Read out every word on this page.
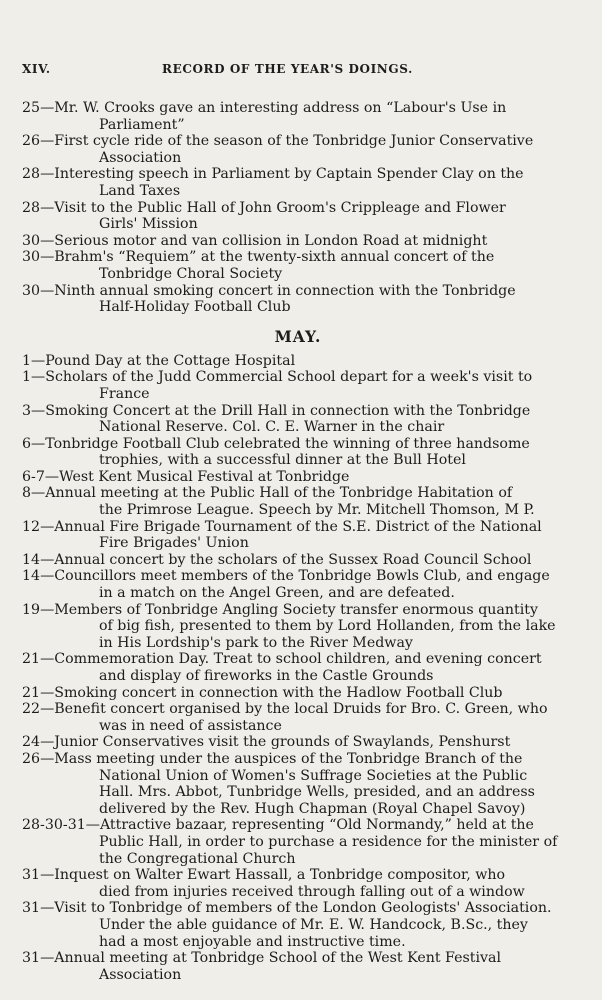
XIV.	RECORD OF THE YEAR'S DOINGS.
25—Mr. W. Crooks gave an interesting address on “Labour's Use in
Parliament”
26—First cycle ride of the season of the Tonbridge Junior Conservative
Association
28—Interesting speech in Parliament by Captain Spender Clay on the
Land Taxes
28—Visit to the Public Hall of John Groom's Crippleage and Flower
Girls' Mission
30—Serious motor and van collision in London Road at midnight
30—Brahm's “Requiem” at the twenty-sixth annual concert of the
Tonbridge Choral Society
30—Ninth annual smoking concert in connection with the Tonbridge
Half-Holiday Football Club
MAY.
1—Pound Day at the Cottage Hospital
1—Scholars of the Judd Commercial School depart for a week's visit to
France
3—Smoking Concert at the Drill Hall in connection with the Tonbridge
National Reserve. Col. C. E. Warner in the chair
6—Tonbridge Football Club celebrated the winning of three handsome
trophies, with a successful dinner at the Bull Hotel
6-7—West Kent Musical Festival at Tonbridge
8—Annual meeting at the Public Hall of the Tonbridge Habitation of
the Primrose League. Speech by Mr. Mitchell Thomson, M P.
12—Annual Fire Brigade Tournament of the S.E. District of the National
Fire Brigades' Union
14—Annual concert by the scholars of the Sussex Road Council School
14—Councillors meet members of the Tonbridge Bowls Club, and engage
in a match on the Angel Green, and are defeated.
19—Members of Tonbridge Angling Society transfer enormous quantity
of big fish, presented to them by Lord Hollanden, from the lake
in His Lordship's park to the River Medway
21—Commemoration Day. Treat to school children, and evening concert
and display of fireworks in the Castle Grounds
21—Smoking concert in connection with the Hadlow Football Club
22—Benefit concert organised by the local Druids for Bro. C. Green, who
was in need of assistance
24—Junior Conservatives visit the grounds of Swaylands, Penshurst
26—Mass meeting under the auspices of the Tonbridge Branch of the
National Union of Women's Suffrage Societies at the Public
Hall. Mrs. Abbot, Tunbridge Wells, presided, and an address
delivered by the Rev. Hugh Chapman (Royal Chapel Savoy)
28-30-31—Attractive bazaar, representing “Old Normandy,” held at the
Public Hall, in order to purchase a residence for the minister of
the Congregational Church
31—Inquest on Walter Ewart Hassall, a Tonbridge compositor, who
died from injuries received through falling out of a window
31—Visit to Tonbridge of members of the London Geologists' Association.
Under the able guidance of Mr. E. W. Handcock, B.Sc., they
had a most enjoyable and instructive time.
31—Annual meeting at Tonbridge School of the West Kent Festival
Association
